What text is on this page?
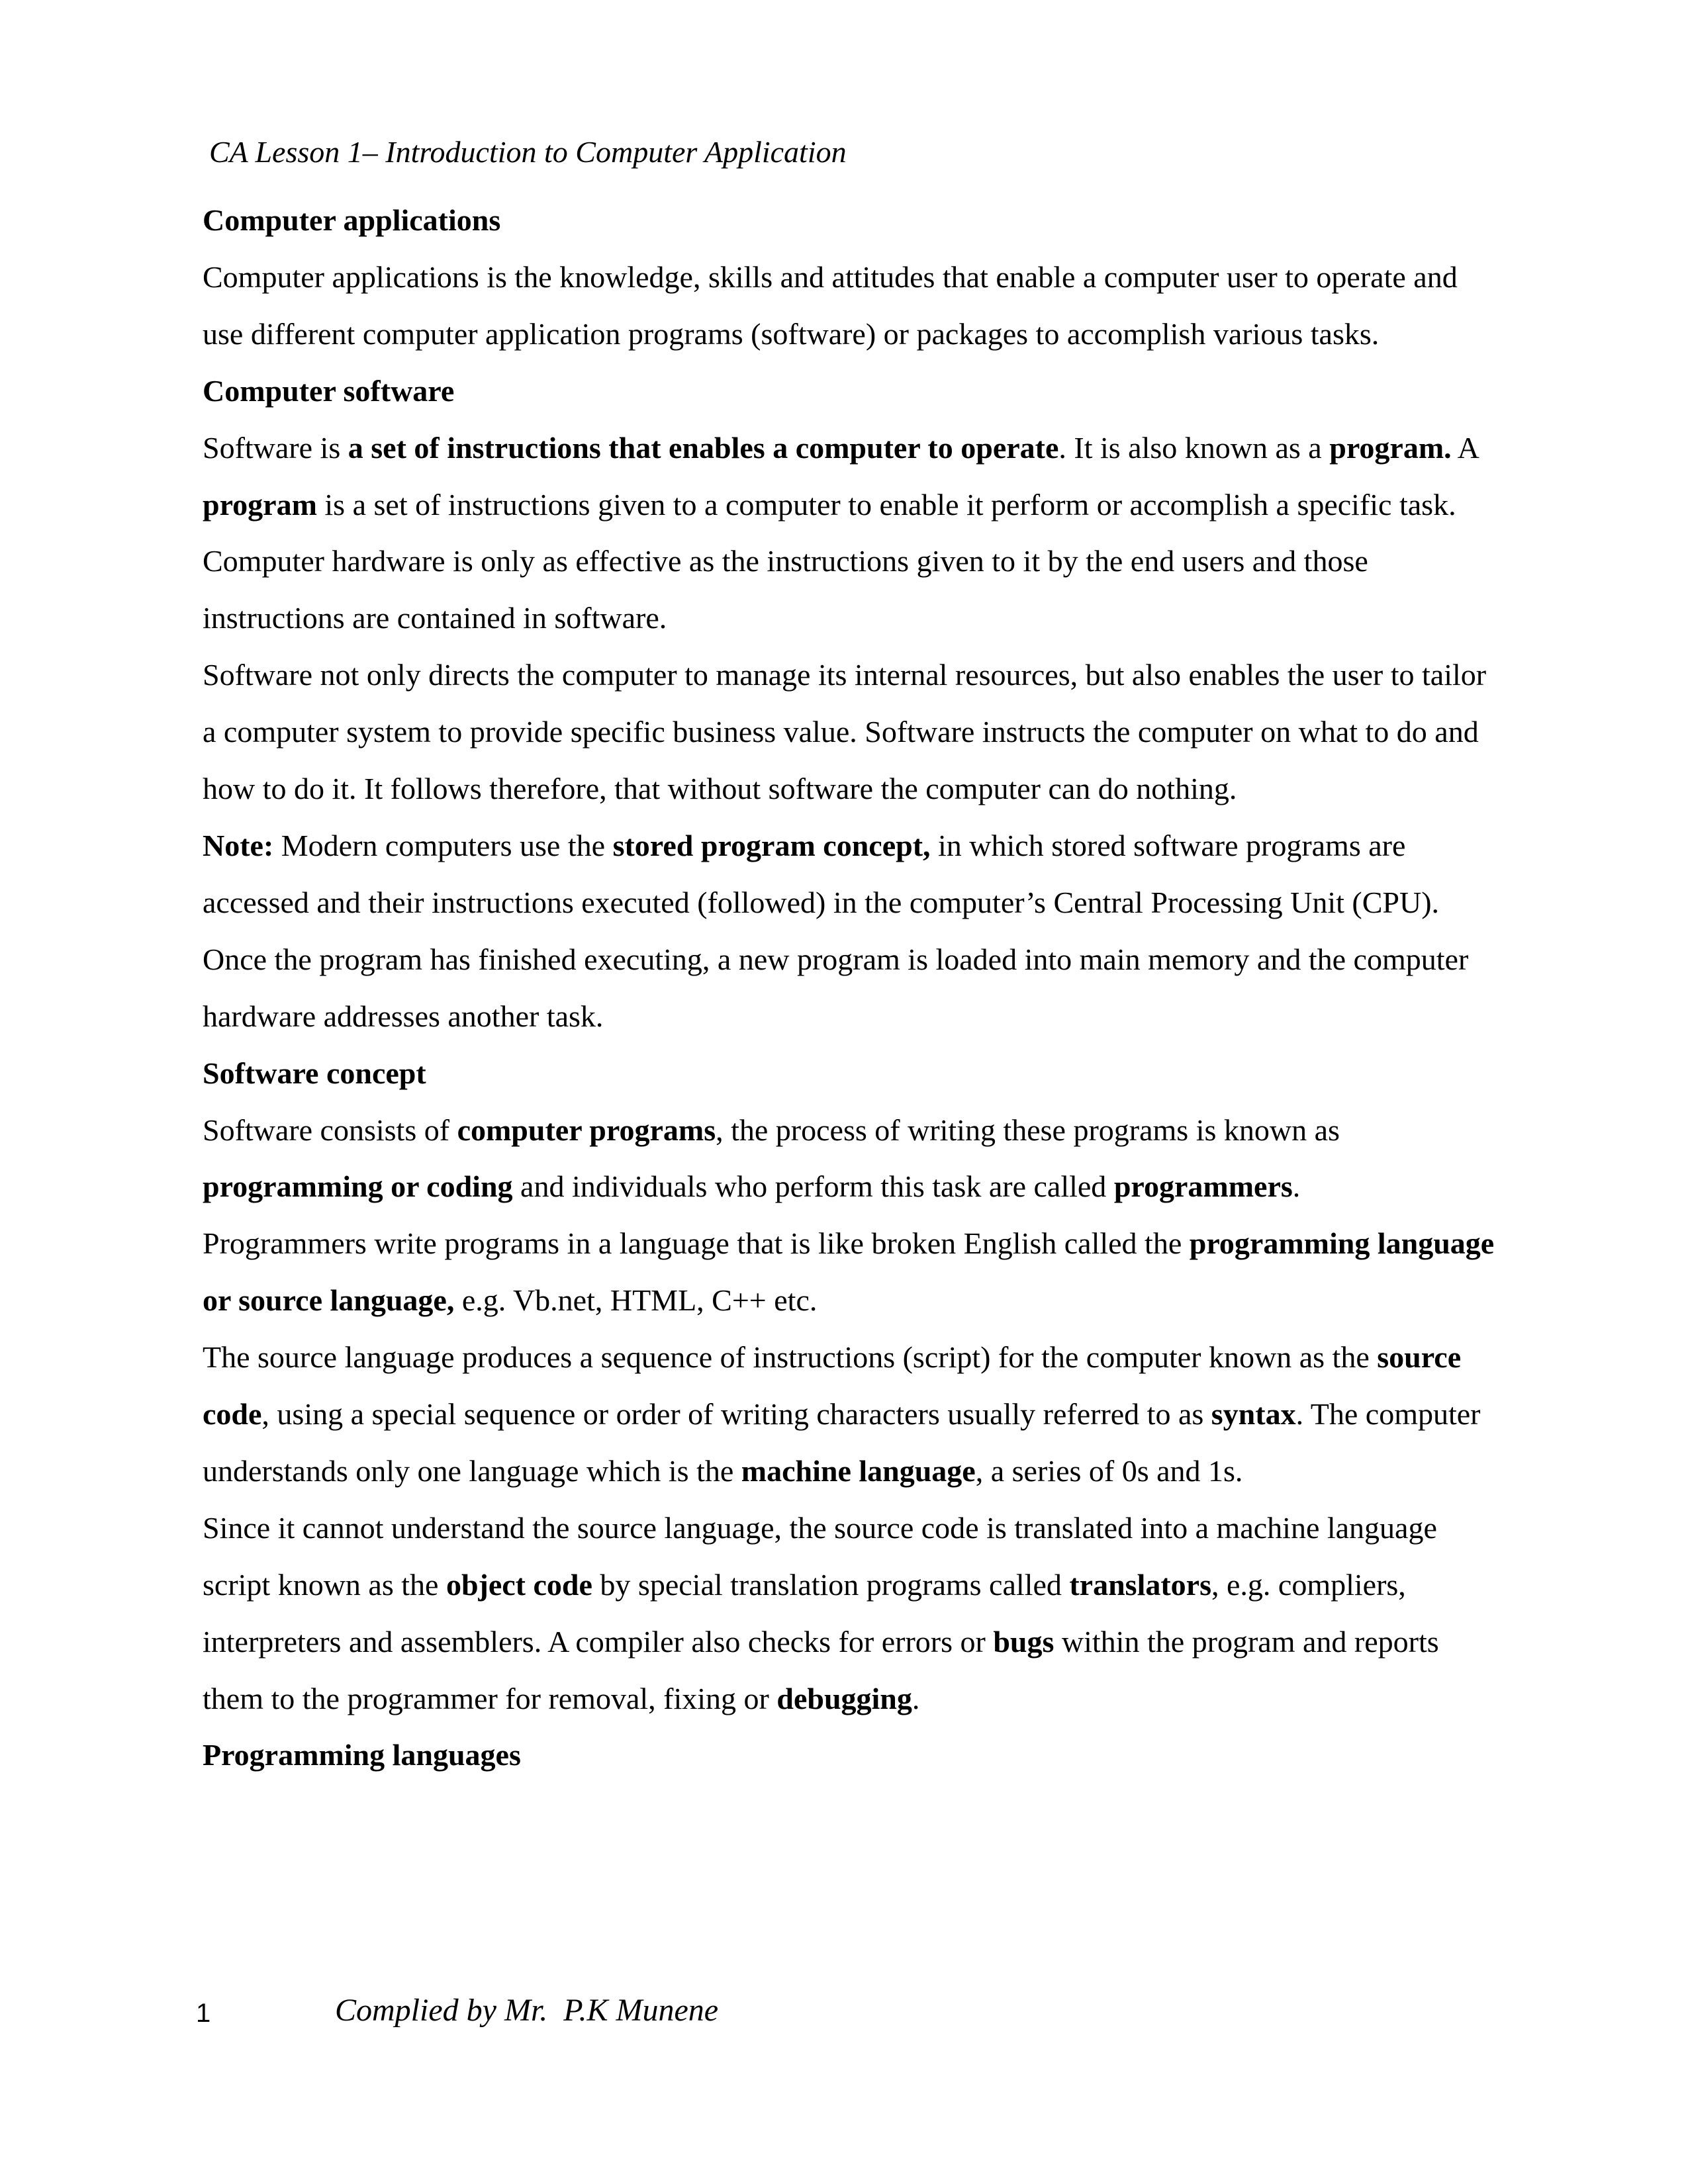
CA Lesson 1– Introduction to Computer Application
Computer applications

Computer applications is the knowledge, skills and attitudes that enable a computer user to operate and use different computer application programs (software) or packages to accomplish various tasks.

Computer software

Software is a set of instructions that enables a computer to operate. It is also known as a program. A program is a set of instructions given to a computer to enable it perform or accomplish a specific task. Computer hardware is only as effective as the instructions given to it by the end users and those instructions are contained in software.

Software not only directs the computer to manage its internal resources, but also enables the user to tailor a computer system to provide specific business value. Software instructs the computer on what to do and how to do it. It follows therefore, that without software the computer can do nothing.

Note: Modern computers use the stored program concept, in which stored software programs are accessed and their instructions executed (followed) in the computer’s Central Processing Unit (CPU). Once the program has finished executing, a new program is loaded into main memory and the computer hardware addresses another task.

Software concept

Software consists of computer programs, the process of writing these programs is known as programming or coding and individuals who perform this task are called programmers.

Programmers write programs in a language that is like broken English called the programming language or source language, e.g. Vb.net, HTML, C++ etc.

The source language produces a sequence of instructions (script) for the computer known as the source code, using a special sequence or order of writing characters usually referred to as syntax. The computer understands only one language which is the machine language, a series of 0s and 1s.

Since it cannot understand the source language, the source code is translated into a machine language script known as the object code by special translation programs called translators, e.g. compliers, interpreters and assemblers. A compiler also checks for errors or bugs within the program and reports them to the programmer for removal, fixing or debugging.

Programming languages
1	Complied by Mr.  P.K Munene
